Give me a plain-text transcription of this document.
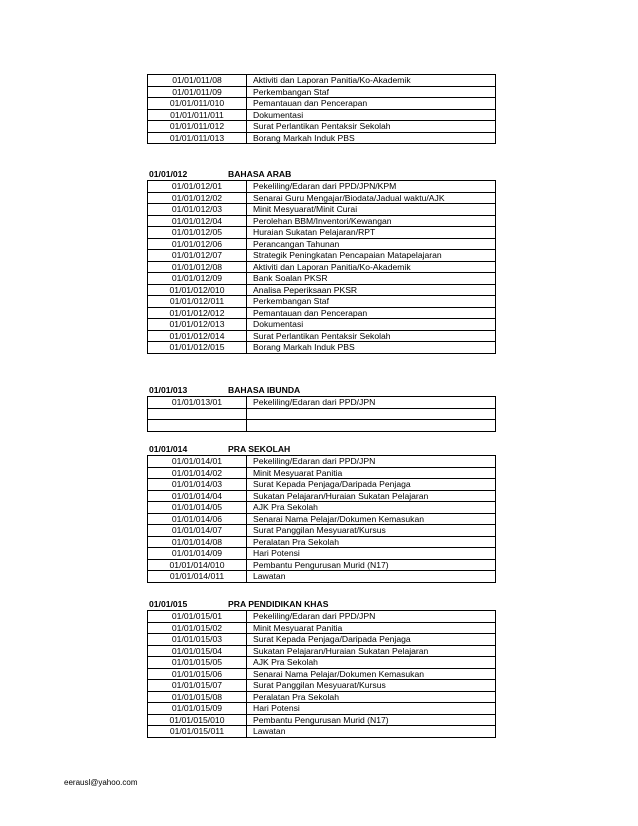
01/01/011/08	Aktiviti dan Laporan Panitia/Ko-Akademik
01/01/011/09	Perkembangan Staf
01/01/011/010	Pemantauan dan Pencerapan
01/01/011/011	Dokumentasi
01/01/011/012	Surat Perlantikan Pentaksir Sekolah
01/01/011/013	Borang Markah Induk PBS
01/01/012	BAHASA ARAB
01/01/012/01	Pekeliling/Edaran dari PPD/JPN/KPM
01/01/012/02	Senarai Guru Mengajar/Biodata/Jadual waktu/AJK
01/01/012/03	Minit Mesyuarat/Minit Curai
01/01/012/04	Perolehan BBM/Inventori/Kewangan
01/01/012/05	Huraian Sukatan Pelajaran/RPT
01/01/012/06	Perancangan Tahunan
01/01/012/07	Strategik Peningkatan Pencapaian Matapelajaran
01/01/012/08	Aktiviti dan Laporan Panitia/Ko-Akademik
01/01/012/09	Bank Soalan PKSR
01/01/012/010	Analisa Peperiksaan PKSR
01/01/012/011	Perkembangan Staf
01/01/012/012	Pemantauan dan Pencerapan
01/01/012/013	Dokumentasi
01/01/012/014	Surat Perlantikan Pentaksir Sekolah
01/01/012/015	Borang Markah Induk PBS
01/01/013	BAHASA IBUNDA
01/01/013/01	Pekeliling/Edaran dari PPD/JPN

01/01/014	PRA SEKOLAH
01/01/014/01	Pekeliling/Edaran dari PPD/JPN
01/01/014/02	Minit Mesyuarat Panitia
01/01/014/03	Surat Kepada Penjaga/Daripada Penjaga
01/01/014/04	Sukatan Pelajaran/Huraian Sukatan Pelajaran
01/01/014/05	AJK Pra Sekolah
01/01/014/06	Senarai Nama Pelajar/Dokumen Kemasukan
01/01/014/07	Surat Panggilan Mesyuarat/Kursus
01/01/014/08	Peralatan Pra Sekolah
01/01/014/09	Hari Potensi
01/01/014/010	Pembantu Pengurusan Murid (N17)
01/01/014/011	Lawatan
01/01/015	PRA PENDIDIKAN KHAS
01/01/015/01	Pekeliling/Edaran dari PPD/JPN
01/01/015/02	Minit Mesyuarat Panitia
01/01/015/03	Surat Kepada Penjaga/Daripada Penjaga
01/01/015/04	Sukatan Pelajaran/Huraian Sukatan Pelajaran
01/01/015/05	AJK Pra Sekolah
01/01/015/06	Senarai Nama Pelajar/Dokumen Kemasukan
01/01/015/07	Surat Panggilan Mesyuarat/Kursus
01/01/015/08	Peralatan Pra Sekolah
01/01/015/09	Hari Potensi
01/01/015/010	Pembantu Pengurusan Murid (N17)
01/01/015/011	Lawatan
eerausl@yahoo.com
